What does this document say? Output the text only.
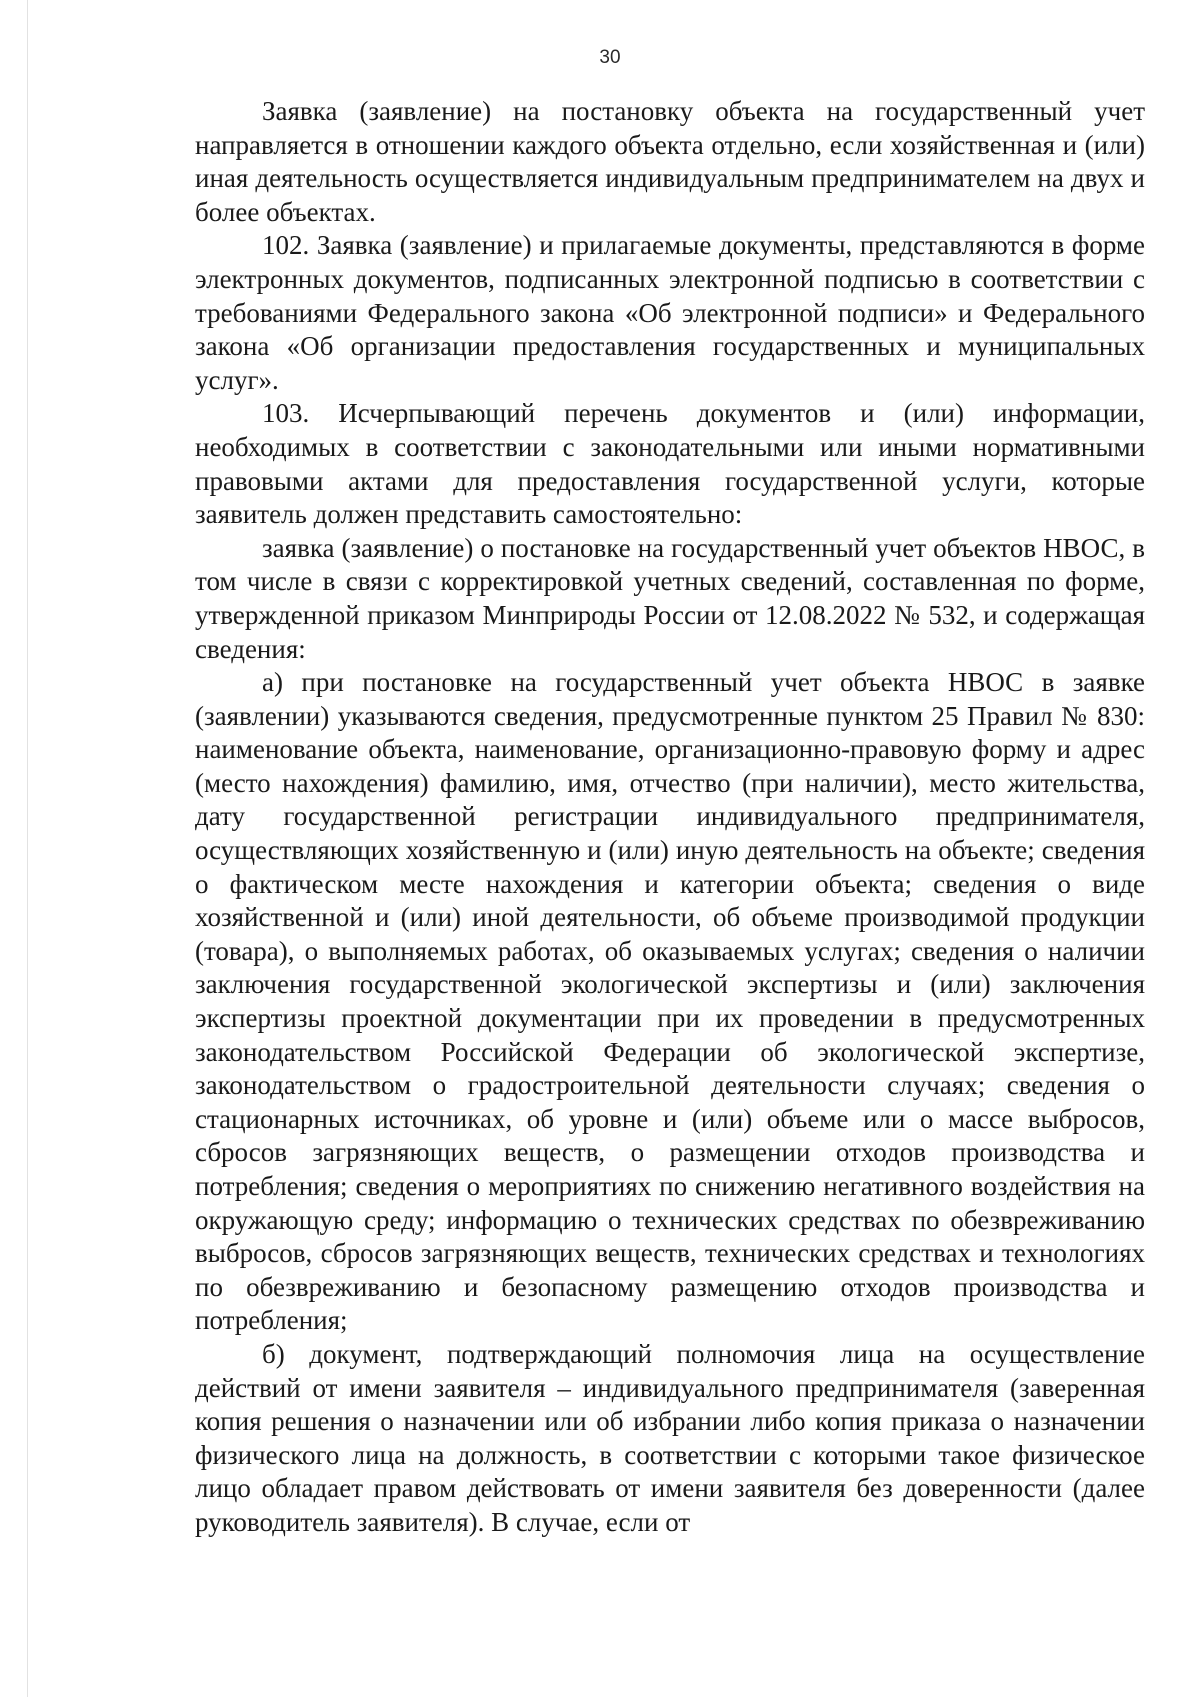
30

Заявка (заявление) на постановку объекта на государственный учет направляется в отношении каждого объекта отдельно, если хозяйственная и (или) иная деятельность осуществляется индивидуальным предпринимателем на двух и более объектах.

102. Заявка (заявление) и прилагаемые документы, представляются в форме электронных документов, подписанных электронной подписью в соответствии с требованиями Федерального закона «Об электронной подписи» и Федерального закона «Об организации предоставления государственных и муниципальных услуг».

103. Исчерпывающий перечень документов и (или) информации, необходимых в соответствии с законодательными или иными нормативными правовыми актами для предоставления государственной услуги, которые заявитель должен представить самостоятельно:

заявка (заявление) о постановке на государственный учет объектов НВОС, в том числе в связи с корректировкой учетных сведений, составленная по форме, утвержденной приказом Минприроды России от 12.08.2022 № 532, и содержащая сведения:

а) при постановке на государственный учет объекта НВОС в заявке (заявлении) указываются сведения, предусмотренные пунктом 25 Правил № 830: наименование объекта, наименование, организационно-правовую форму и адрес (место нахождения) фамилию, имя, отчество (при наличии), место жительства, дату государственной регистрации индивидуального предпринимателя, осуществляющих хозяйственную и (или) иную деятельность на объекте; сведения о фактическом месте нахождения и категории объекта; сведения о виде хозяйственной и (или) иной деятельности, об объеме производимой продукции (товара), о выполняемых работах, об оказываемых услугах; сведения о наличии заключения государственной экологической экспертизы и (или) заключения экспертизы проектной документации при их проведении в предусмотренных законодательством Российской Федерации об экологической экспертизе, законодательством о градостроительной деятельности случаях; сведения о стационарных источниках, об уровне и (или) объеме или о массе выбросов, сбросов загрязняющих веществ, о размещении отходов производства и потребления; сведения о мероприятиях по снижению негативного воздействия на окружающую среду; информацию о технических средствах по обезвреживанию выбросов, сбросов загрязняющих веществ, технических средствах и технологиях по обезвреживанию и безопасному размещению отходов производства и потребления;

б) документ, подтверждающий полномочия лица на осуществление действий от имени заявителя – индивидуального предпринимателя (заверенная копия решения о назначении или об избрании либо копия приказа о назначении физического лица на должность, в соответствии с которыми такое физическое лицо обладает правом действовать от имени заявителя без доверенности (далее руководитель заявителя). В случае, если от
